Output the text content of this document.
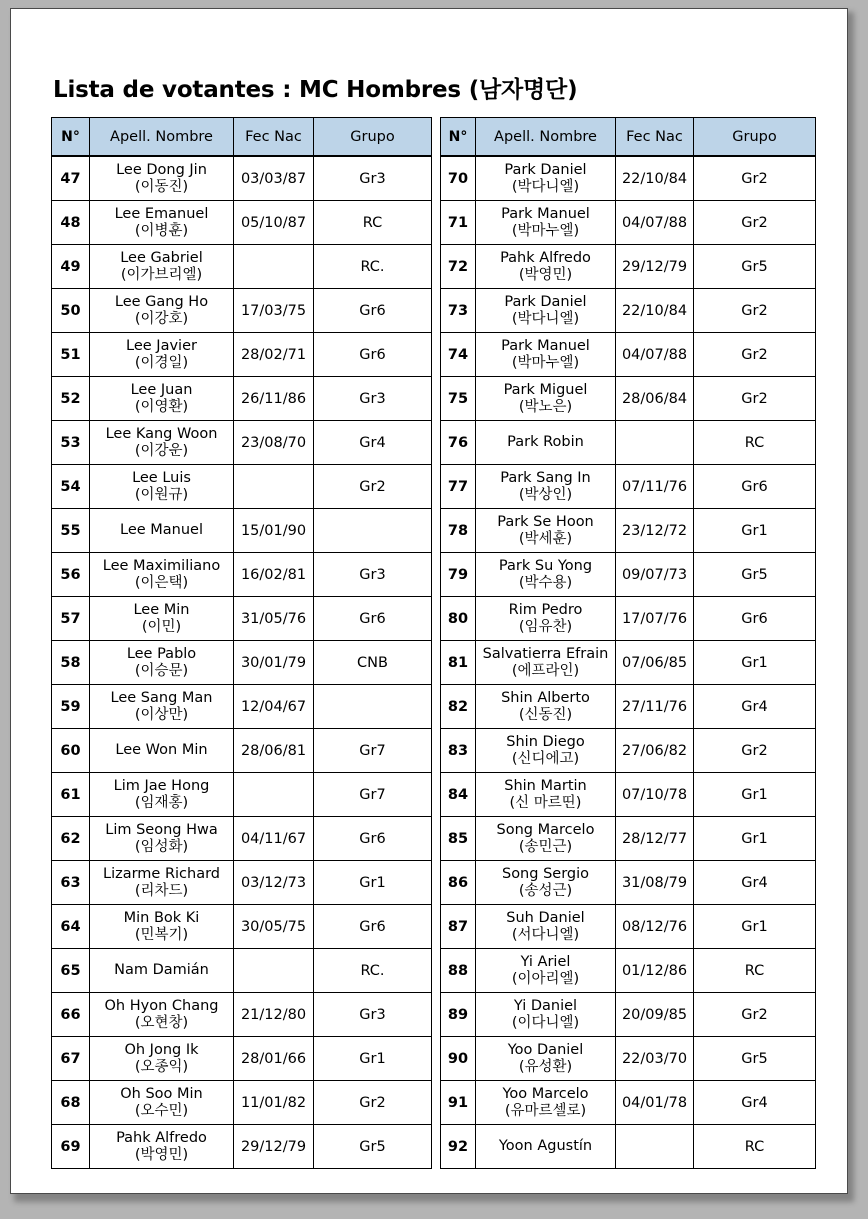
Lista de votantes : MC Hombres (남자명단)
N°	Apell. Nombre	Fec Nac	Grupo
47	Lee Dong Jin
(이동진)	03/03/87	Gr3
48	Lee Emanuel
(이병훈)	05/10/87	RC
49	Lee Gabriel
(이가브리엘)		RC.
50	Lee Gang Ho
(이강호)	17/03/75	Gr6
51	Lee Javier
(이경일)	28/02/71	Gr6
52	Lee Juan
(이영환)	26/11/86	Gr3
53	Lee Kang Woon
(이강운)	23/08/70	Gr4
54	Lee Luis
(이원규)		Gr2
55	Lee Manuel	15/01/90	
56	Lee Maximiliano
(이은택)	16/02/81	Gr3
57	Lee Min
(이민)	31/05/76	Gr6
58	Lee Pablo
(이승문)	30/01/79	CNB
59	Lee Sang Man
(이상만)	12/04/67	
60	Lee Won Min	28/06/81	Gr7
61	Lim Jae Hong
(임재홍)		Gr7
62	Lim Seong Hwa
(임성화)	04/11/67	Gr6
63	Lizarme Richard
(리차드)	03/12/73	Gr1
64	Min Bok Ki
(민복기)	30/05/75	Gr6
65	Nam Damián		RC.
66	Oh Hyon Chang
(오현창)	21/12/80	Gr3
67	Oh Jong Ik
(오종익)	28/01/66	Gr1
68	Oh Soo Min
(오수민)	11/01/82	Gr2
69	Pahk Alfredo
(박영민)	29/12/79	Gr5
N°	Apell. Nombre	Fec Nac	Grupo
70	Park Daniel
(박다니엘)	22/10/84	Gr2
71	Park Manuel
(박마누엘)	04/07/88	Gr2
72	Pahk Alfredo
(박영민)	29/12/79	Gr5
73	Park Daniel
(박다니엘)	22/10/84	Gr2
74	Park Manuel
(박마누엘)	04/07/88	Gr2
75	Park Miguel
(박노은)	28/06/84	Gr2
76	Park Robin		RC
77	Park Sang In
(박상인)	07/11/76	Gr6
78	Park Se Hoon
(박세훈)	23/12/72	Gr1
79	Park Su Yong
(박수용)	09/07/73	Gr5
80	Rim Pedro
(임유찬)	17/07/76	Gr6
81	Salvatierra Efrain
(에프라인)	07/06/85	Gr1
82	Shin Alberto
(신동진)	27/11/76	Gr4
83	Shin Diego
(신디에고)	27/06/82	Gr2
84	Shin Martin
(신 마르띤)	07/10/78	Gr1
85	Song Marcelo
(송민근)	28/12/77	Gr1
86	Song Sergio
(송성근)	31/08/79	Gr4
87	Suh Daniel
(서다니엘)	08/12/76	Gr1
88	Yi Ariel
(이아리엘)	01/12/86	RC
89	Yi Daniel
(이다니엘)	20/09/85	Gr2
90	Yoo Daniel
(유성환)	22/03/70	Gr5
91	Yoo Marcelo
(유마르셀로)	04/01/78	Gr4
92	Yoon Agustín		RC
